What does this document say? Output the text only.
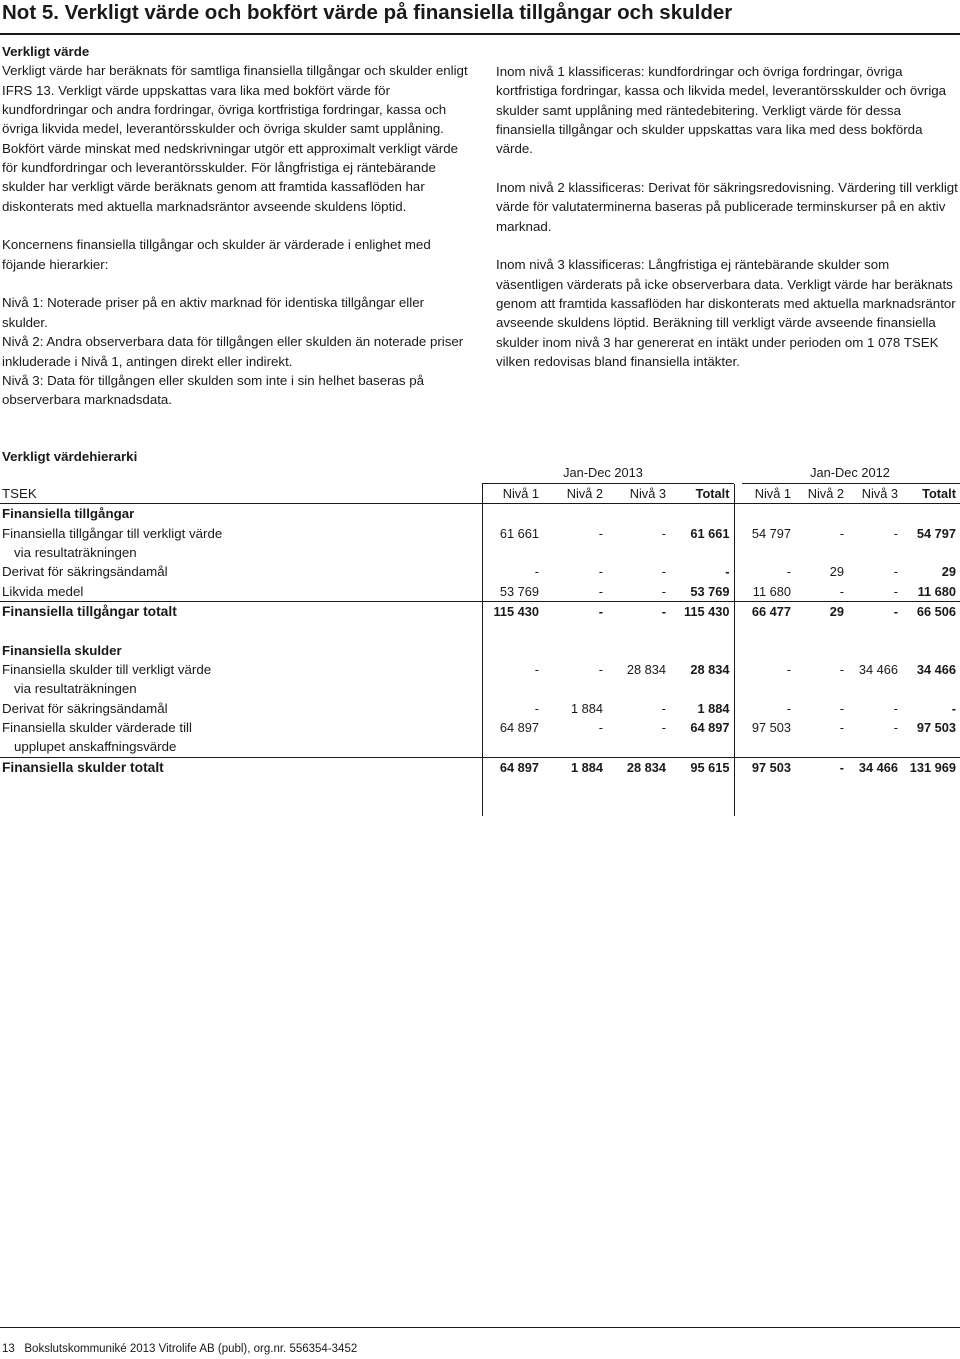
Not 5. Verkligt värde och bokfört värde på finansiella tillgångar och skulder

Verkligt värde

Verkligt värde har beräknats för samtliga finansiella tillgångar och skulder enligt IFRS 13. Verkligt värde uppskattas vara lika med bokfört värde för kundfordringar och andra fordringar, övriga kortfristiga fordringar, kassa och övriga likvida medel, leverantörsskulder och övriga skulder samt upplåning. Bokfört värde minskat med nedskrivningar utgör ett approximalt verkligt värde för kundfordringar och leverantörsskulder. För långfristiga ej räntebärande skulder har verkligt värde beräknats genom att framtida kassaflöden har diskonterats med aktuella marknadsräntor avseende skuldens löptid.

Koncernens finansiella tillgångar och skulder är värderade i enlighet med föjande hierarkier:

Nivå 1: Noterade priser på en aktiv marknad för identiska tillgångar eller skulder.

Nivå 2: Andra observerbara data för tillgången eller skulden än noterade priser inkluderade i Nivå 1, antingen direkt eller indirekt.

Nivå 3: Data för tillgången eller skulden som inte i sin helhet baseras på observerbara marknadsdata.

Inom nivå 1 klassificeras: kundfordringar och övriga fordringar, övriga kortfristiga fordringar, kassa och likvida medel, leverantörsskulder och övriga skulder samt upplåning med räntedebitering. Verkligt värde för dessa finansiella tillgångar och skulder uppskattas vara lika med dess bokförda värde.

Inom nivå 2 klassificeras: Derivat för säkringsredovisning. Värdering till verkligt värde för valutaterminerna baseras på publicerade terminskurser på en aktiv marknad.

Inom nivå 3 klassificeras: Långfristiga ej räntebärande skulder som väsentligen värderats på icke observerbara data. Verkligt värde har beräknats genom att framtida kassaflöden har diskonterats med aktuella marknadsräntor avseende skuldens löptid. Beräkning till verkligt värde avseende finansiella skulder inom nivå 3 har genererat en intäkt under perioden om 1 078 TSEK vilken redovisas bland finansiella intäkter.

Verkligt värdehierarki
Jan-Dec 2013	Jan-Dec 2012
TSEK	Nivå 1	Nivå 2	Nivå 3	Totalt	Nivå 1	Nivå 2	Nivå 3	Totalt
Finansiella tillgångar								
Finansiella tillgångar till verkligt värde	61 661	-	-	61 661	54 797	-	-	54 797
via resultaträkningen								
Derivat för säkringsändamål	-	-	-	-	-	29	-	29
Likvida medel	53 769	-	-	53 769	11 680	-	-	11 680
Finansiella tillgångar totalt	115 430	-	-	115 430	66 477	29	-	66 506

Finansiella skulder								
Finansiella skulder till verkligt värde	-	-	28 834	28 834	-	-	34 466	34 466
via resultaträkningen								
Derivat för säkringsändamål	-	1 884	-	1 884	-	-	-	-
Finansiella skulder värderade till	64 897	-	-	64 897	97 503	-	-	97 503
upplupet anskaffningsvärde								
Finansiella skulder totalt	64 897	1 884	28 834	95 615	97 503	-	34 466	131 969

13 Bokslutskommuniké 2013 Vitrolife AB (publ), org.nr. 556354-3452
